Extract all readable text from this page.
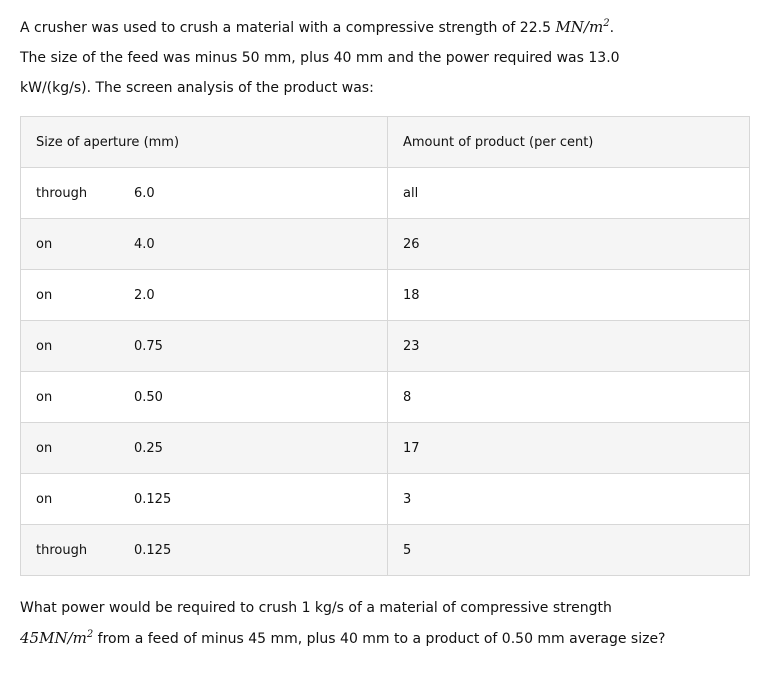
A crusher was used to crush a material with a compressive strength of 22.5 $MN/m^2$.
The size of the feed was minus 50 mm, plus 40 mm and the power required was 13.0
kW/(kg/s). The screen analysis of the product was:
Size of aperture (mm)	Amount of product (per cent)
through 6.0	all
on 4.0	26
on 2.0	18
on 0.75	23
on 0.50	8
on 0.25	17
on 0.125	3
through 0.125	5
What power would be required to crush 1 kg/s of a material of compressive strength
$45MN/m^2$ from a feed of minus 45 mm, plus 40 mm to a product of 0.50 mm average size?
